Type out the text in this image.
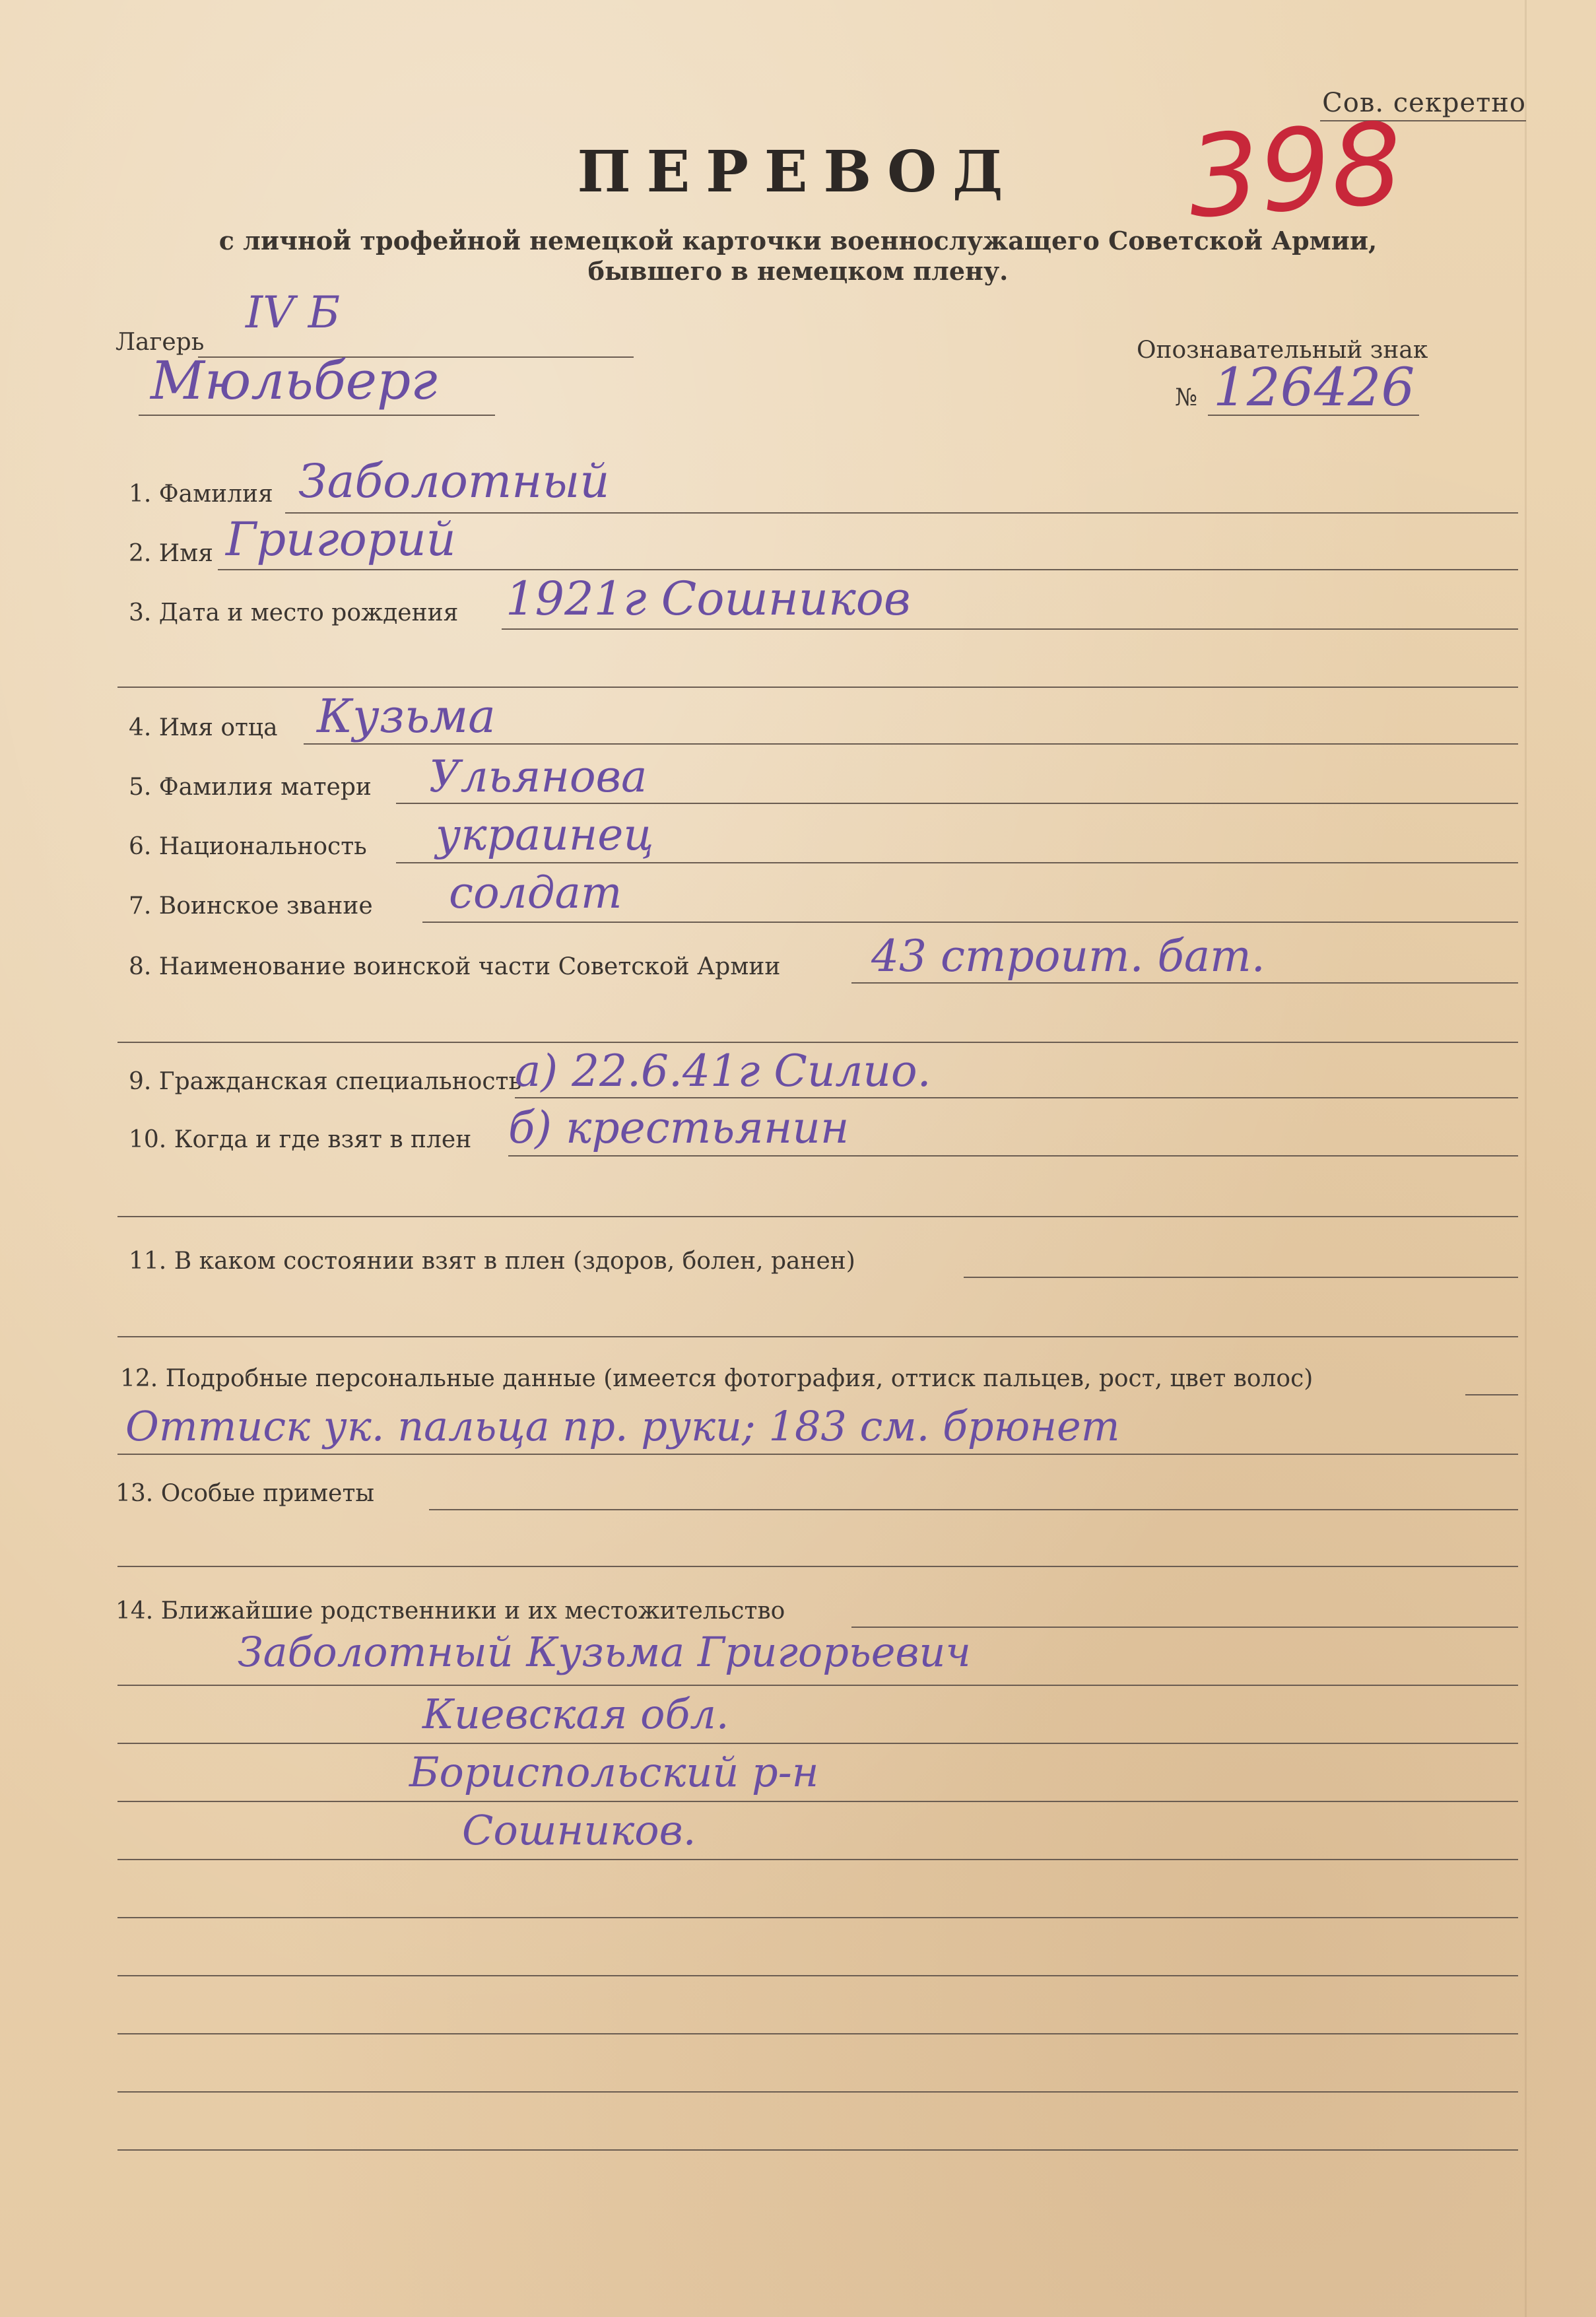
Сов. секретно
398
ПЕРЕВОД
с личной трофейной немецкой карточки военнослужащего Советской Армии,
бывшего в немецком плену.
Лагерь
IV Б
Мюльберг	Опознавательный знак
№ 126426
1. Фамилия Заболотный
2. Имя Григорий
3. Дата и место рождения 1921г Сошников
4. Имя отца Кузьма
5. Фамилия матери Ульянова
6. Национальность украинец
7. Воинское звание солдат
8. Наименование воинской части Советской Армии 43 строит. бат.
9. Гражданская специальность
а) 22.6.41г Силио.
10. Когда и где взят в плен б) крестьянин
11. В каком состоянии взят в плен (здоров, болен, ранен)
12. Подробные персональные данные (имеется фотография, оттиск пальцев, рост, цвет волос)
Оттиск ук. пальца пр. руки; 183 см. брюнет
13. Особые приметы
14. Ближайшие родственники и их местожительство
Заболотный Кузьма Григорьевич
Киевская обл.
Бориспольский р-н
Сошников.
